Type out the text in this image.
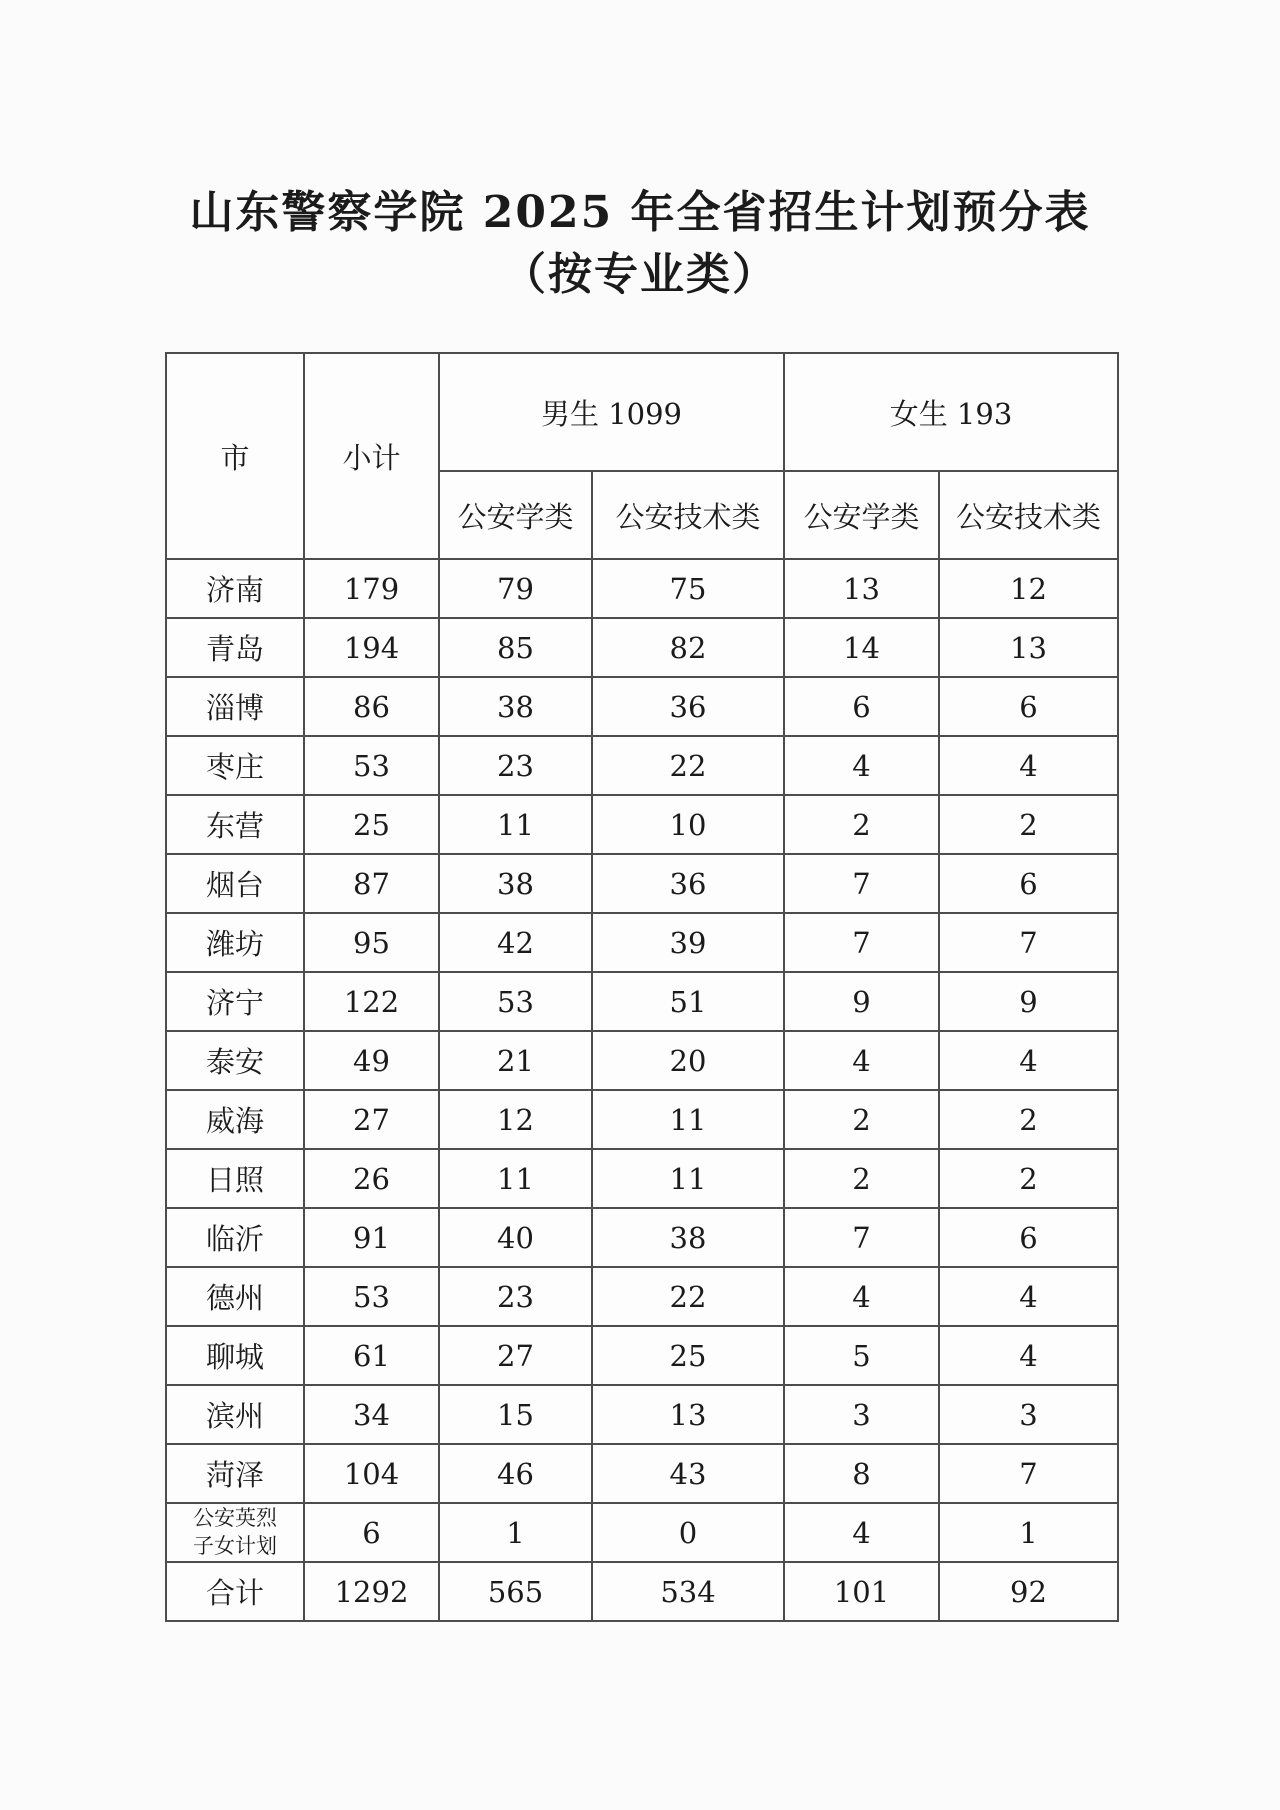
山东警察学院 2025 年全省招生计划预分表
（按专业类）
市	小计	男生 1099		女生 193	
		公安学类	公安技术类	公安学类	公安技术类
济南	179	79	75	13	12
青岛	194	85	82	14	13
淄博	86	38	36	6	6
枣庄	53	23	22	4	4
东营	25	11	10	2	2
烟台	87	38	36	7	6
潍坊	95	42	39	7	7
济宁	122	53	51	9	9
泰安	49	21	20	4	4
威海	27	12	11	2	2
日照	26	11	11	2	2
临沂	91	40	38	7	6
德州	53	23	22	4	4
聊城	61	27	25	5	4
滨州	34	15	13	3	3
菏泽	104	46	43	8	7

公安英烈
子女计划	6	1	0	4	1
合计	1292	565	534	101	92
